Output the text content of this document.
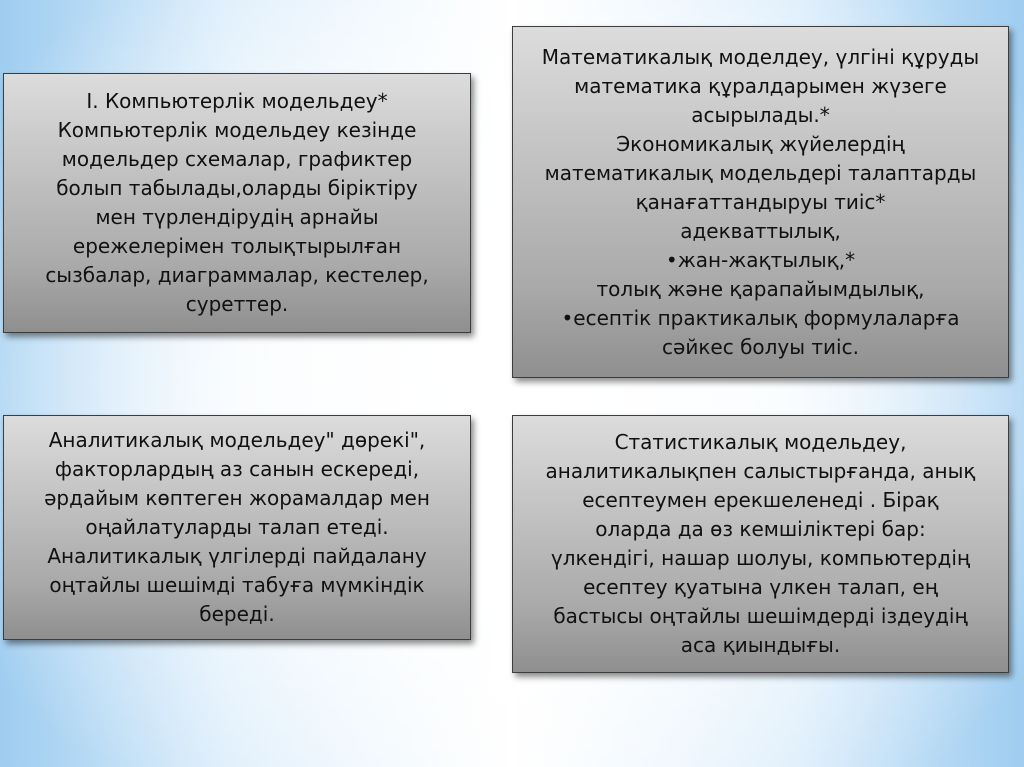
I. Компьютерлік модельдеу*
Компьютерлік модельдеу кезінде
модельдер схемалар, графиктер
болып табылады,оларды біріктіру
мен түрлендірудің арнайы
ережелерімен толықтырылған
сызбалар, диаграммалар, кестелер,
суреттер.
Математикалық моделдеу, үлгіні құруды
математика құралдарымен жүзеге
асырылады.*
Экономикалық жүйелердің
математикалық модельдері талаптарды
қанағаттандыруы тиіс*
адекваттылық,
•жан-жақтылық,*
толық және қарапайымдылық,
•есептік практикалық формулаларға
сәйкес болуы тиіс.
Аналитикалық модельдеу" дөрекі",
факторлардың аз санын ескереді,
әрдайым көптеген жорамалдар мен
оңайлатуларды талап етеді.
Аналитикалық үлгілерді пайдалану
оңтайлы шешімді табуға мүмкіндік
береді.
Статистикалық модельдеу,
аналитикалықпен салыстырғанда, анық
есептеумен ерекшеленеді . Бірақ
оларда да өз кемшіліктері бар:
үлкендігі, нашар шолуы, компьютердің
есептеу қуатына үлкен талап, ең
бастысы оңтайлы шешімдерді іздеудің
аса қиындығы.
